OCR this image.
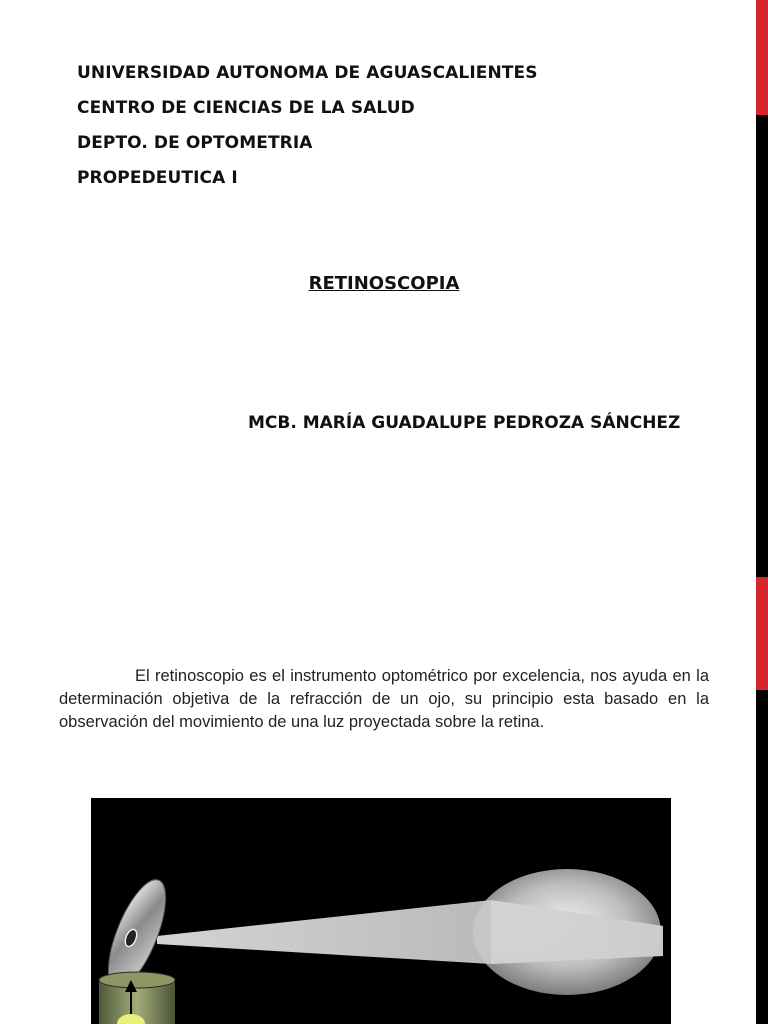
UNIVERSIDAD AUTONOMA DE AGUASCALIENTES
CENTRO DE CIENCIAS DE LA SALUD
DEPTO. DE OPTOMETRIA
PROPEDEUTICA I
RETINOSCOPIA
MCB. MARÍA GUADALUPE PEDROZA SÁNCHEZ

El retinoscopio es el instrumento optométrico por excelencia, nos ayuda en la determinación objetiva de la refracción de un ojo, su principio esta basado en la observación del movimiento de una luz proyectada sobre la retina.
